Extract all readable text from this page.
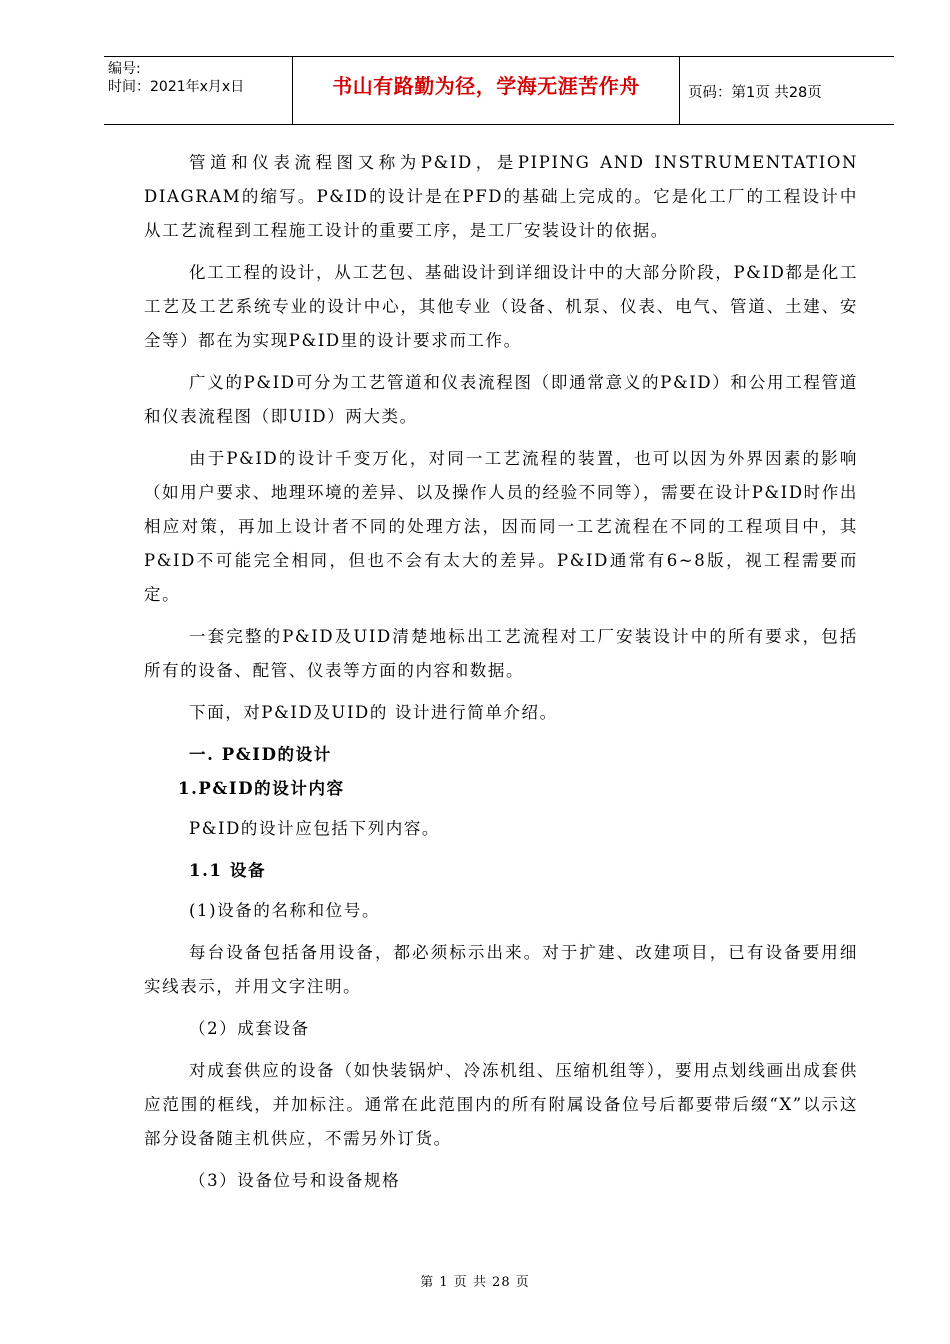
编号:
时间：2021年x月x日	书山有路勤为径，学海无涯苦作舟	页码：第1页 共28页

管道和仪表流程图又称为P&ID，是PIPING AND INSTRUMENTATION DIAGRAM的缩写。P&ID的设计是在PFD的基础上完成的。它是化工厂的工程设计中从工艺流程到工程施工设计的重要工序，是工厂安装设计的依据。

化工工程的设计，从工艺包、基础设计到详细设计中的大部分阶段，P&ID都是化工工艺及工艺系统专业的设计中心，其他专业（设备、机泵、仪表、电气、管道、土建、安全等）都在为实现P&ID里的设计要求而工作。

广义的P&ID可分为工艺管道和仪表流程图（即通常意义的P&ID）和公用工程管道和仪表流程图（即UID）两大类。

由于P&ID的设计千变万化，对同一工艺流程的装置，也可以因为外界因素的影响（如用户要求、地理环境的差异、以及操作人员的经验不同等），需要在设计P&ID时作出相应对策，再加上设计者不同的处理方法，因而同一工艺流程在不同的工程项目中，其P&ID不可能完全相同，但也不会有太大的差异。P&ID通常有6~8版，视工程需要而定。

一套完整的P&ID及UID清楚地标出工艺流程对工厂安装设计中的所有要求，包括所有的设备、配管、仪表等方面的内容和数据。

下面，对P&ID及UID的 设计进行简单介绍。

一. P&ID的设计
1.P&ID的设计内容

P&ID的设计应包括下列内容。

1.1 设备

(1)设备的名称和位号。

每台设备包括备用设备，都必须标示出来。对于扩建、改建项目，已有设备要用细实线表示，并用文字注明。

（2）成套设备

对成套供应的设备（如快装锅炉、冷冻机组、压缩机组等），要用点划线画出成套供应范围的框线，并加标注。通常在此范围内的所有附属设备位号后都要带后缀“X”以示这部分设备随主机供应，不需另外订货。

（3）设备位号和设备规格

第 1 页 共 28 页
